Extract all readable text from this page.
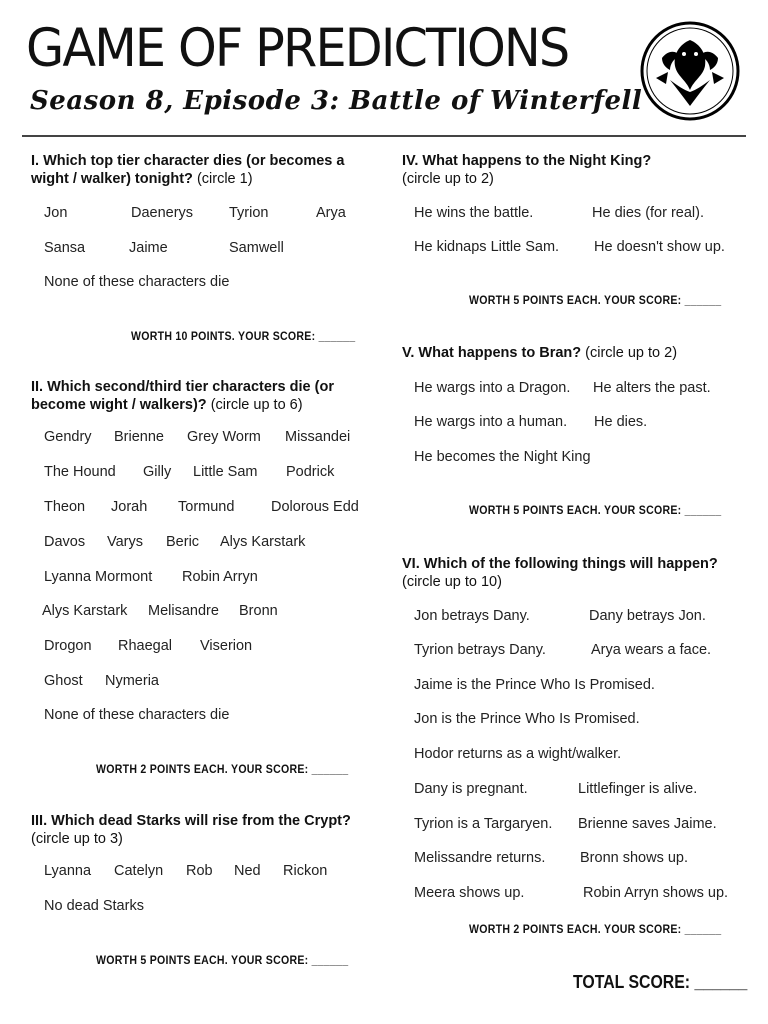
GAME OF PREDICTIONS
Season 8, Episode 3: Battle of Winterfell
I. Which top tier character dies (or becomes a
wight / walker) tonight? (circle 1)
Jon	Daenerys Tyrion	Arya
Sansa	Jaime	Samwell
None of these characters die
WORTH 10 POINTS. YOUR SCORE: ______
II. Which second/third tier characters die (or
become wight / walkers)? (circle up to 6)
Gendry Brienne Grey Worm Missandei
The Hound Gilly Little Sam Podrick
Theon Jorah Tormund	Dolorous Edd
Davos Varys Beric Alys Karstark
Lyanna Mormont Robin Arryn
Alys Karstark Melisandre Bronn
Drogon Rhaegal Viserion
Ghost Nymeria
None of these characters die
WORTH 2 POINTS EACH. YOUR SCORE: ______
III. Which dead Starks will rise from the Crypt?
(circle up to 3)
Lyanna Catelyn Rob Ned Rickon
No dead Starks
WORTH 5 POINTS EACH. YOUR SCORE: ______
IV. What happens to the Night King?
(circle up to 2)
He wins the battle.	He dies (for real).
He kidnaps Little Sam. He doesn't show up.
WORTH 5 POINTS EACH. YOUR SCORE: ______
V. What happens to Bran? (circle up to 2)
He wargs into a Dragon. He alters the past.
He wargs into a human. He dies.
He becomes the Night King
WORTH 5 POINTS EACH. YOUR SCORE: ______
VI. Which of the following things will happen?
(circle up to 10)
Jon betrays Dany.	Dany betrays Jon.
Tyrion betrays Dany.	Arya wears a face.
Jaime is the Prince Who Is Promised.
Jon is the Prince Who Is Promised.
Hodor returns as a wight/walker.
Dany is pregnant.	Littlefinger is alive.
Tyrion is a Targaryen. Brienne saves Jaime.
Melissandre returns. Bronn shows up.
Meera shows up.	Robin Arryn shows up.
WORTH 2 POINTS EACH. YOUR SCORE: ______
TOTAL SCORE: ______
